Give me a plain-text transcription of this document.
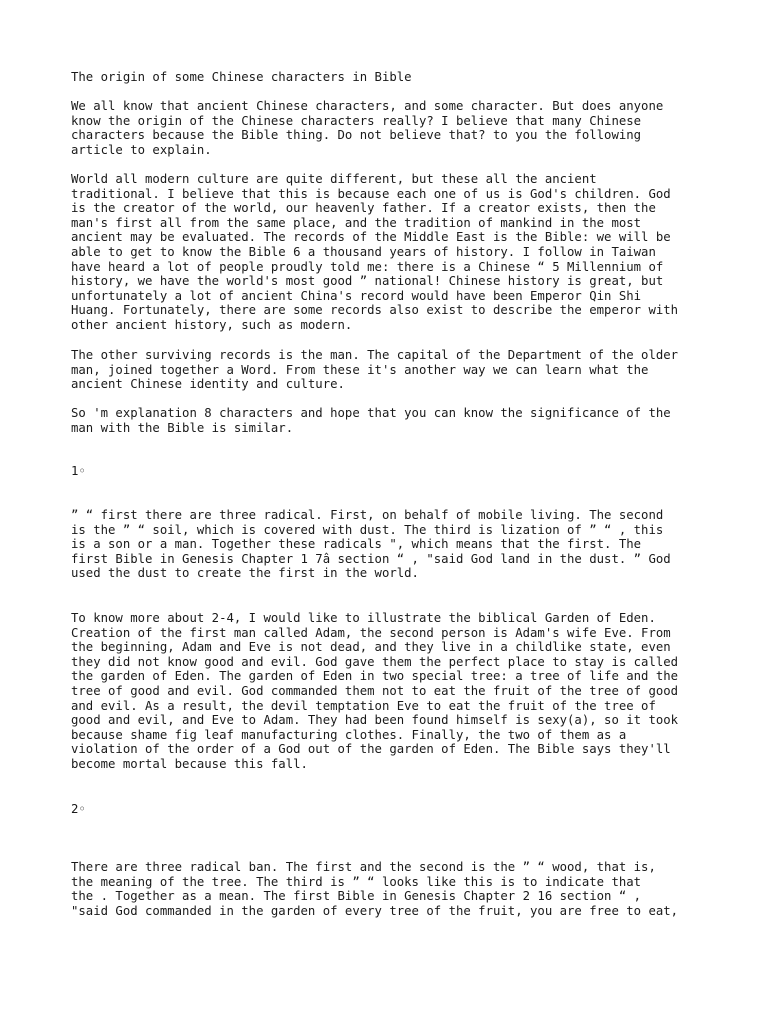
The origin of some Chinese characters in Bible

We all know that ancient Chinese characters, and some character. But does anyone
know the origin of the Chinese characters really? I believe that many Chinese
characters because the Bible thing. Do not believe that? to you the following
article to explain.

World all modern culture are quite different, but these all the ancient
traditional. I believe that this is because each one of us is God's children. God
is the creator of the world, our heavenly father. If a creator exists, then the
man's first all from the same place, and the tradition of mankind in the most
ancient may be evaluated. The records of the Middle East is the Bible: we will be
able to get to know the Bible 6 a thousand years of history. I follow in Taiwan
have heard a lot of people proudly told me: there is a Chinese “ 5 Millennium of
history, we have the world's most good ” national! Chinese history is great, but
unfortunately a lot of ancient China's record would have been Emperor Qin Shi
Huang. Fortunately, there are some records also exist to describe the emperor with
other ancient history, such as modern.

The other surviving records is the man. The capital of the Department of the older
man, joined together a Word. From these it's another way we can learn what the
ancient Chinese identity and culture.

So 'm explanation 8 characters and hope that you can know the significance of the
man with the Bible is similar.

1◦

” “ first there are three radical. First, on behalf of mobile living. The second
is the ” “ soil, which is covered with dust. The third is lization of ” “ , this
is a son or a man. Together these radicals ", which means that the first. The
first Bible in Genesis Chapter 1 7â section “ , "said God land in the dust. ” God
used the dust to create the first in the world.

To know more about 2-4, I would like to illustrate the biblical Garden of Eden.
Creation of the first man called Adam, the second person is Adam's wife Eve. From
the beginning, Adam and Eve is not dead, and they live in a childlike state, even
they did not know good and evil. God gave them the perfect place to stay is called
the garden of Eden. The garden of Eden in two special tree: a tree of life and the
tree of good and evil. God commanded them not to eat the fruit of the tree of good
and evil. As a result, the devil temptation Eve to eat the fruit of the tree of
good and evil, and Eve to Adam. They had been found himself is sexy(a), so it took
because shame fig leaf manufacturing clothes. Finally, the two of them as a
violation of the order of a God out of the garden of Eden. The Bible says they'll
become mortal because this fall.

2◦

There are three radical ban. The first and the second is the ” “ wood, that is,
the meaning of the tree. The third is ” “ looks like this is to indicate that
the . Together as a mean. The first Bible in Genesis Chapter 2 16 section “ ,
"said God commanded in the garden of every tree of the fruit, you are free to eat,
